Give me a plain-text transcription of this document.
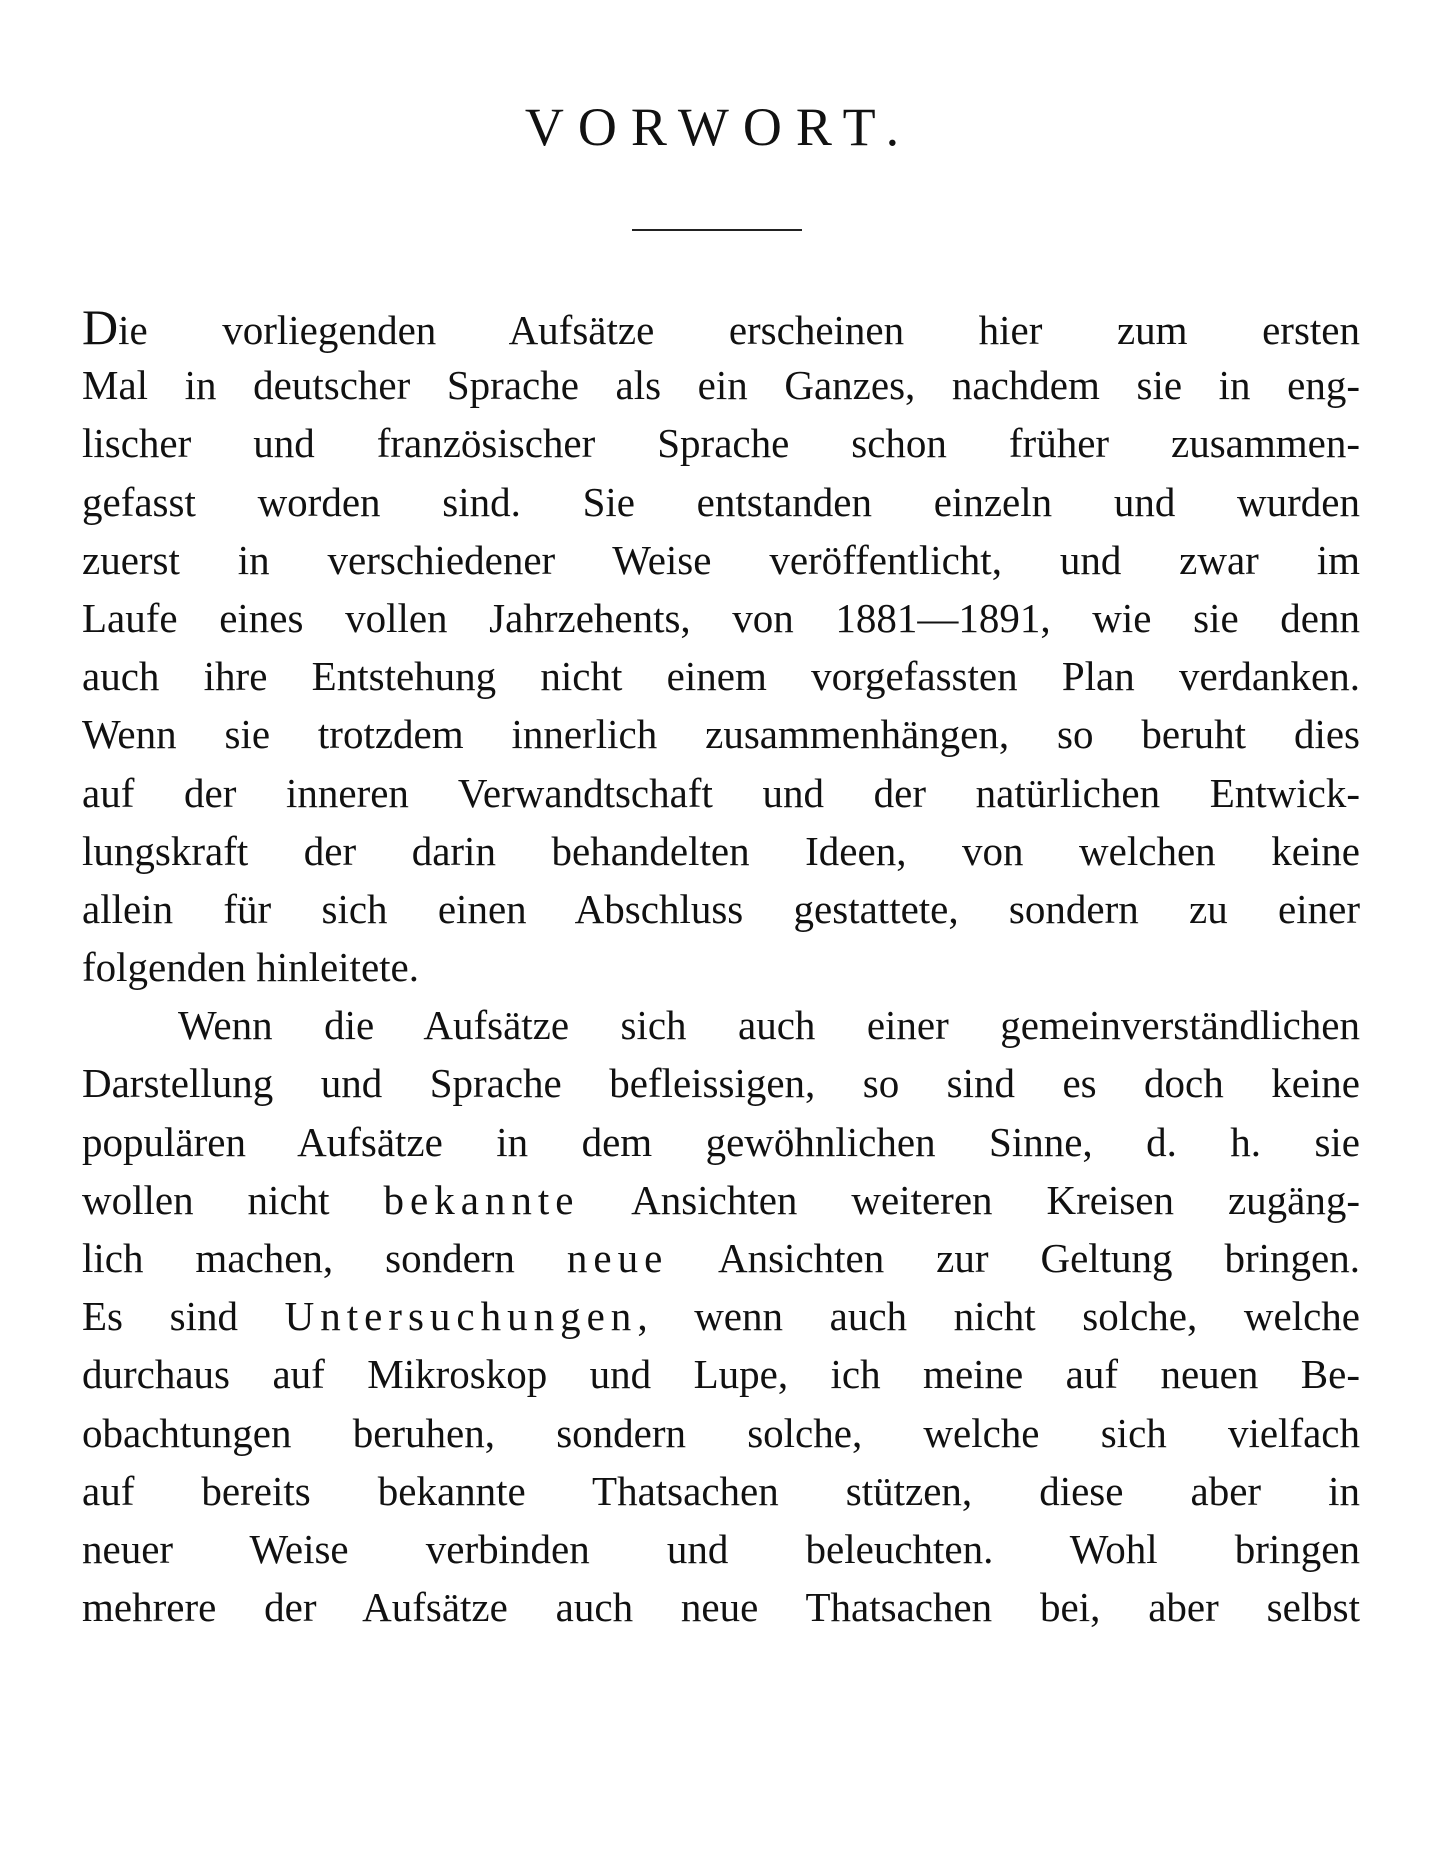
VORWORT.
Die vorliegenden Aufsätze erscheinen hier zum ersten
Mal in deutscher Sprache als ein Ganzes, nachdem sie in eng-
lischer und französischer Sprache schon früher zusammen-
gefasst worden sind. Sie entstanden einzeln und wurden
zuerst in verschiedener Weise veröffentlicht, und zwar im
Laufe eines vollen Jahrzehents, von 1881—1891, wie sie denn
auch ihre Entstehung nicht einem vorgefassten Plan verdanken.
Wenn sie trotzdem innerlich zusammenhängen, so beruht dies
auf der inneren Verwandtschaft und der natürlichen Entwick-
lungskraft der darin behandelten Ideen, von welchen keine
allein für sich einen Abschluss gestattete, sondern zu einer
folgenden hinleitete.
Wenn die Aufsätze sich auch einer gemeinverständlichen
Darstellung und Sprache befleissigen, so sind es doch keine
populären Aufsätze in dem gewöhnlichen Sinne, d. h. sie
wollen nicht bekannte Ansichten weiteren Kreisen zugäng-
lich machen, sondern neue Ansichten zur Geltung bringen.
Es sind Untersuchungen, wenn auch nicht solche, welche
durchaus auf Mikroskop und Lupe, ich meine auf neuen Be-
obachtungen beruhen, sondern solche, welche sich vielfach
auf bereits bekannte Thatsachen stützen, diese aber in
neuer Weise verbinden und beleuchten. Wohl bringen
mehrere der Aufsätze auch neue Thatsachen bei, aber selbst
